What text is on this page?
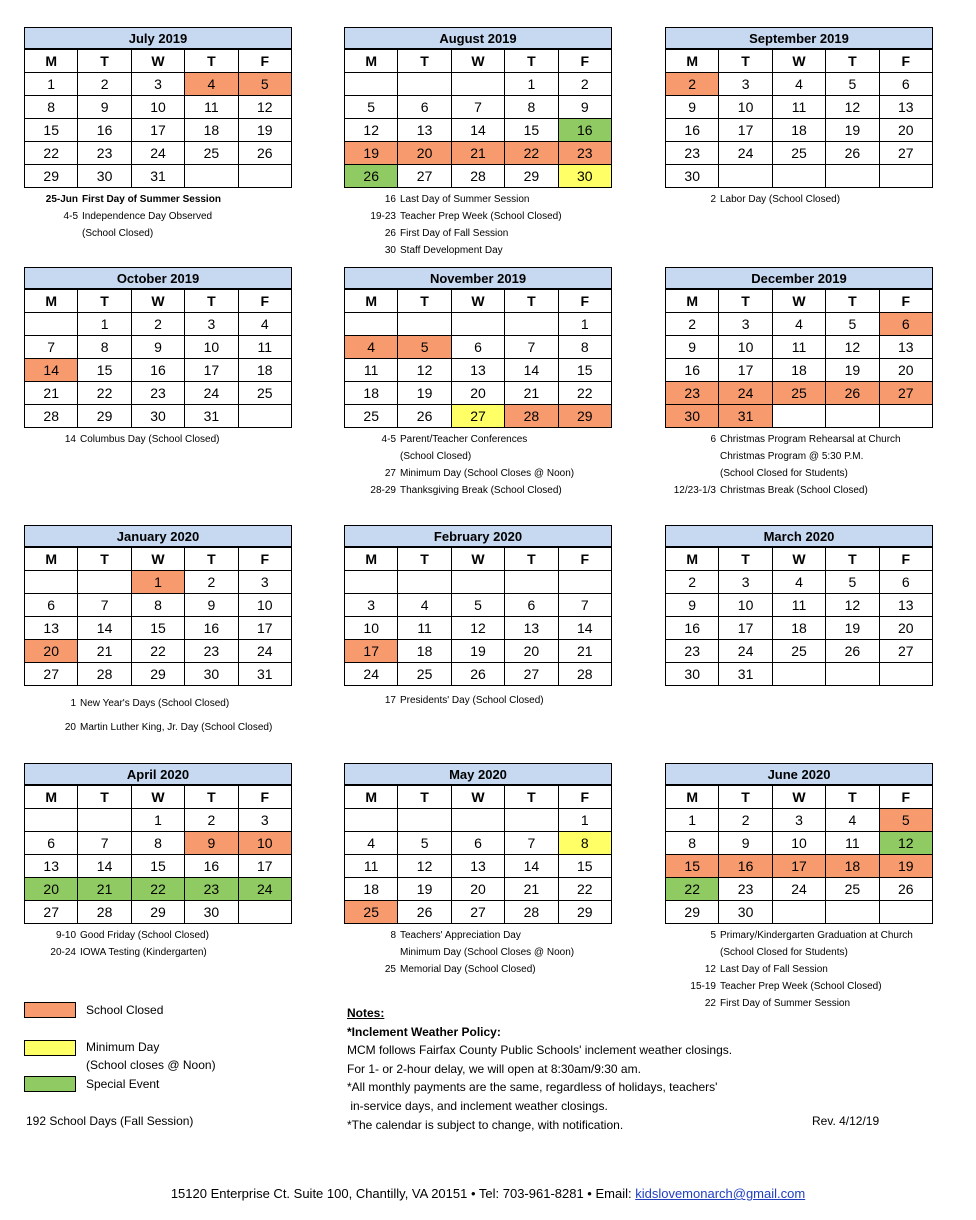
July 2019
M	T	W	T	F
1	2	3	4	5
8	9	10	11	12
15	16	17	18	19
22	23	24	25	26
29	30	31		
August 2019
M	T	W	T	F
			1	2
5	6	7	8	9
12	13	14	15	16
19	20	21	22	23
26	27	28	29	30
September 2019
M	T	W	T	F
2	3	4	5	6
9	10	11	12	13
16	17	18	19	20
23	24	25	26	27
30				
October 2019
M	T	W	T	F
	1	2	3	4
7	8	9	10	11
14	15	16	17	18
21	22	23	24	25
28	29	30	31	
November 2019
M	T	W	T	F
				1
4	5	6	7	8
11	12	13	14	15
18	19	20	21	22
25	26	27	28	29
December 2019
M	T	W	T	F
2	3	4	5	6
9	10	11	12	13
16	17	18	19	20
23	24	25	26	27
30	31			
January 2020
M	T	W	T	F
		1	2	3
6	7	8	9	10
13	14	15	16	17
20	21	22	23	24
27	28	29	30	31
February 2020
M	T	W	T	F

3	4	5	6	7
10	11	12	13	14
17	18	19	20	21
24	25	26	27	28
March 2020
M	T	W	T	F
2	3	4	5	6
9	10	11	12	13
16	17	18	19	20
23	24	25	26	27
30	31			
April 2020
M	T	W	T	F
		1	2	3
6	7	8	9	10
13	14	15	16	17
20	21	22	23	24
27	28	29	30	
May 2020
M	T	W	T	F
				1
4	5	6	7	8
11	12	13	14	15
18	19	20	21	22
25	26	27	28	29
June 2020
M	T	W	T	F
1	2	3	4	5
8	9	10	11	12
15	16	17	18	19
22	23	24	25	26
29	30			
25-Jun First Day of Summer Session
4-5 Independence Day Observed
(School Closed)
16 Last Day of Summer Session
19-23 Teacher Prep Week (School Closed)
26 First Day of Fall Session
30 Staff Development Day
2 Labor Day (School Closed)
14 Columbus Day (School Closed)	4-5 Parent/Teacher Conferences
(School Closed)
27 Minimum Day (School Closes @ Noon)
28-29 Thanksgiving Break (School Closed)
6 Christmas Program Rehearsal at Church
Christmas Program @ 5:30 P.M.
(School Closed for Students)
12/23-1/3 Christmas Break (School Closed)
1 New Year's Days (School Closed)
20 Martin Luther King, Jr. Day (School Closed)
17 Presidents' Day (School Closed)
9-10 Good Friday (School Closed)
20-24 IOWA Testing (Kindergarten)
8 Teachers' Appreciation Day
Minimum Day (School Closes @ Noon)
25 Memorial Day (School Closed)
5 Primary/Kindergarten Graduation at Church
(School Closed for Students)
12 Last Day of Fall Session
15-19 Teacher Prep Week (School Closed)
22 First Day of Summer Session
School Closed
Minimum Day
(School closes @ Noon)
Special Event
192 School Days (Fall Session)
Notes:
*Inclement Weather Policy:
MCM follows Fairfax County Public Schools' inclement weather closings.
For 1- or 2-hour delay, we will open at 8:30am/9:30 am.
*All monthly payments are the same, regardless of holidays, teachers'
in-service days, and inclement weather closings.
*The calendar is subject to change, with notification.	Rev. 4/12/19
15120 Enterprise Ct. Suite 100, Chantilly, VA 20151 • Tel: 703-961-8281 • Email: kidslovemonarch@gmail.com
